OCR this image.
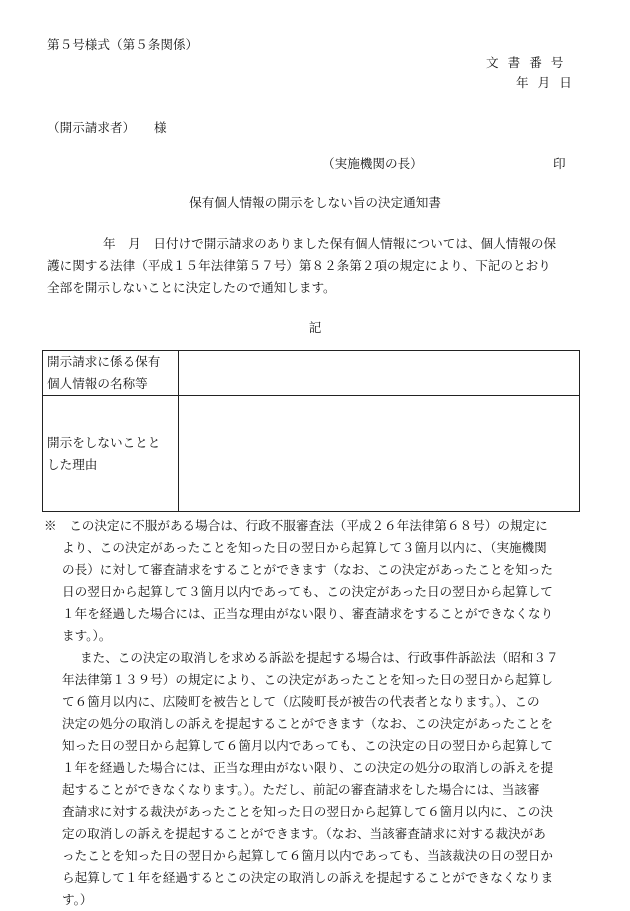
第５号様式（第５条関係）
文書番号
年月日
（開示請求者）　　様
（実施機関の長）	印
保有個人情報の開示をしない旨の決定通知書

年　月　日付けで開示請求のありました保有個人情報については、個人情報の保

護に関する法律（平成１５年法律第５７号）第８２条第２項の規定により、下記のとおり

全部を開示しないことに決定したので通知します。

記
開示請求に係る保有
個人情報の名称等	

開示をしないことと
した理由	

※　この決定に不服がある場合は、行政不服審査法（平成２６年法律第６８号）の規定に

より、この決定があったことを知った日の翌日から起算して３箇月以内に、（実施機関

の長）に対して審査請求をすることができます（なお、この決定があったことを知った

日の翌日から起算して３箇月以内であっても、この決定があった日の翌日から起算して

１年を経過した場合には、正当な理由がない限り、審査請求をすることができなくなり

ます。）。

また、この決定の取消しを求める訴訟を提起する場合は、行政事件訴訟法（昭和３７

年法律第１３９号）の規定により、この決定があったことを知った日の翌日から起算し

て６箇月以内に、広陵町を被告として（広陵町長が被告の代表者となります。）、この

決定の処分の取消しの訴えを提起することができます（なお、この決定があったことを

知った日の翌日から起算して６箇月以内であっても、この決定の日の翌日から起算して

１年を経過した場合には、正当な理由がない限り、この決定の処分の取消しの訴えを提

起することができなくなります。）。ただし、前記の審査請求をした場合には、当該審

査請求に対する裁決があったことを知った日の翌日から起算して６箇月以内に、この決

定の取消しの訴えを提起することができます。（なお、当該審査請求に対する裁決があ

ったことを知った日の翌日から起算して６箇月以内であっても、当該裁決の日の翌日か

ら起算して１年を経過するとこの決定の取消しの訴えを提起することができなくなりま

す。）
